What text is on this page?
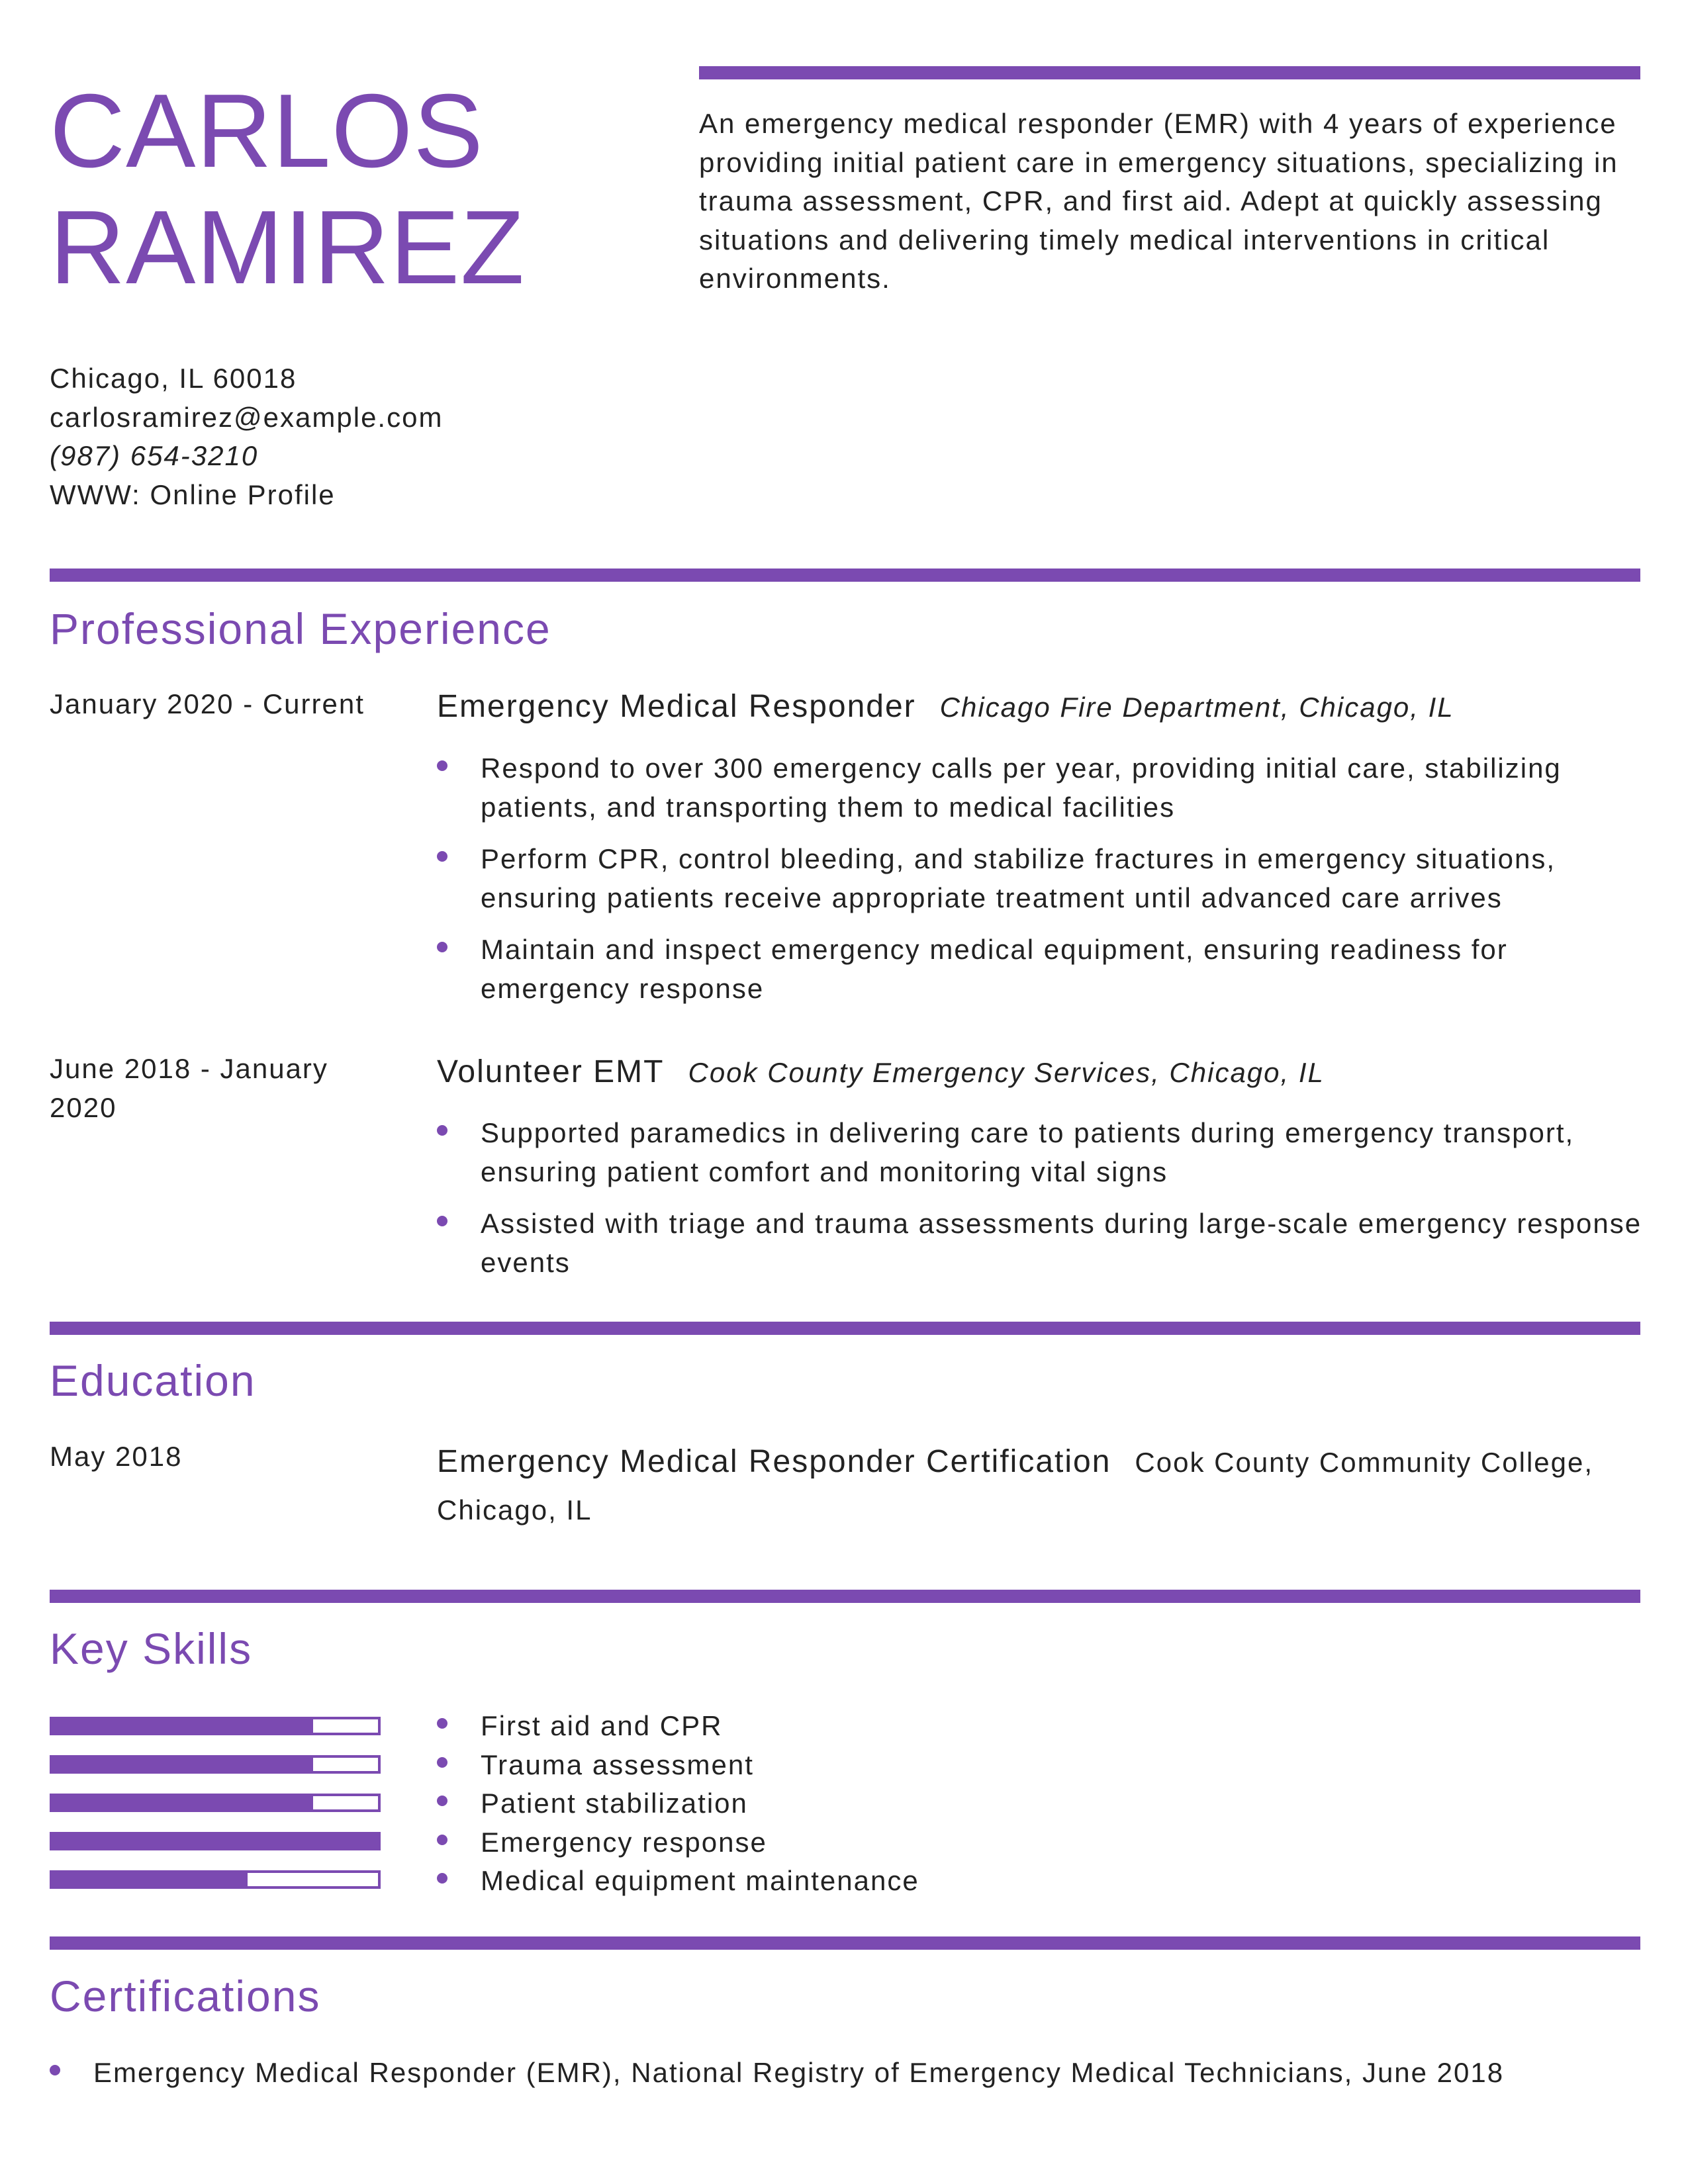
CARLOS
RAMIREZ
An emergency medical responder (EMR) with 4 years of experience providing initial patient care in emergency situations, specializing in trauma assessment, CPR, and first aid. Adept at quickly assessing situations and delivering timely medical interventions in critical environments.
Chicago, IL 60018
carlosramirez@example.com
(987) 654-3210
WWW: Online Profile
Professional Experience
January 2020 - Current Emergency Medical Responder Chicago Fire Department, Chicago, IL
Respond to over 300 emergency calls per year, providing initial care, stabilizing patients, and transporting them to medical facilities
Perform CPR, control bleeding, and stabilize fractures in emergency situations, ensuring patients receive appropriate treatment until advanced care arrives
Maintain and inspect emergency medical equipment, ensuring readiness for emergency response
June 2018 - January 2020
Volunteer EMT Cook County Emergency Services, Chicago, IL
Supported paramedics in delivering care to patients during emergency transport, ensuring patient comfort and monitoring vital signs
Assisted with triage and trauma assessments during large-scale emergency response events
Education
May 2018	Emergency Medical Responder Certification Cook County Community College, Chicago, IL
Key Skills
First aid and CPR
Trauma assessment
Patient stabilization
Emergency response
Medical equipment maintenance
Certifications
Emergency Medical Responder (EMR), National Registry of Emergency Medical Technicians, June 2018
